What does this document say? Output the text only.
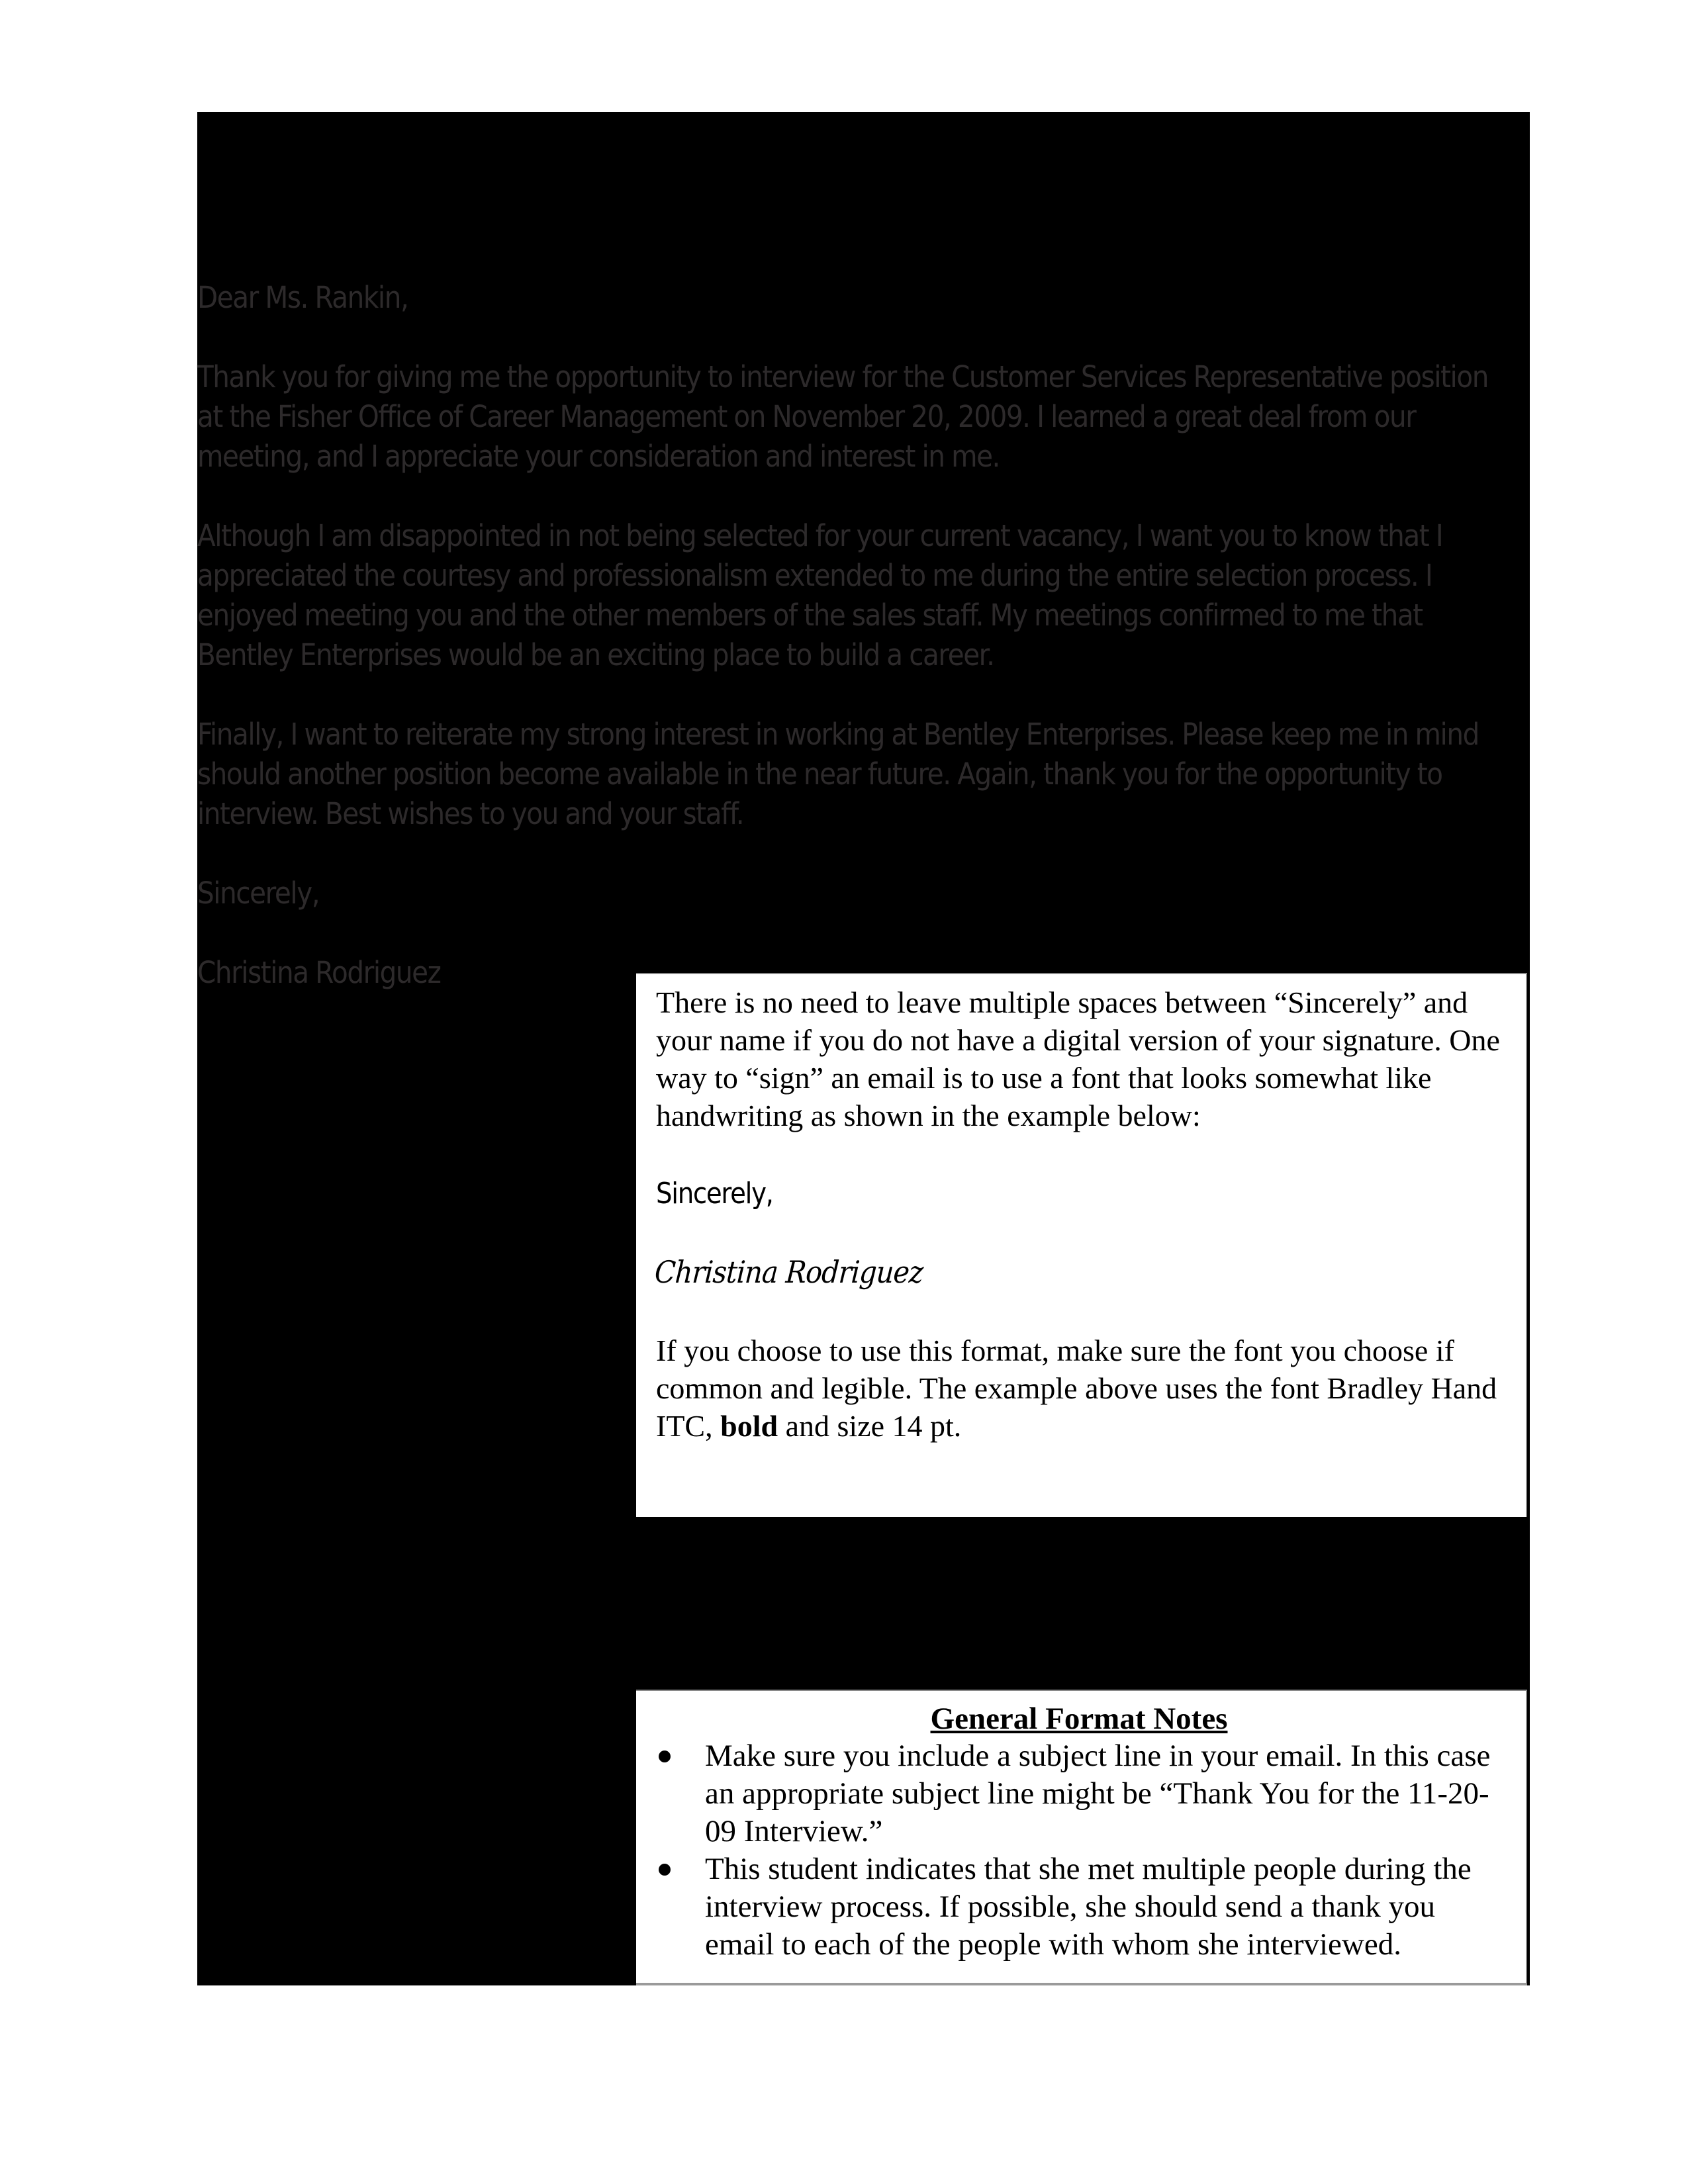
Dear Ms. Rankin,

Thank you for giving me the opportunity to interview for the Customer Services Representative position at the Fisher Office of Career Management on November 20, 2009. I learned a great deal from our meeting, and I appreciate your consideration and interest in me.

Although I am disappointed in not being selected for your current vacancy, I want you to know that I appreciated the courtesy and professionalism extended to me during the entire selection process. I enjoyed meeting you and the other members of the sales staff. My meetings confirmed to me that Bentley Enterprises would be an exciting place to build a career.

Finally, I want to reiterate my strong interest in working at Bentley Enterprises. Please keep me in mind should another position become available in the near future. Again, thank you for the opportunity to interview. Best wishes to you and your staff.

Sincerely,

Christina Rodriguez

There is no need to leave multiple spaces between “Sincerely” and your name if you do not have a digital version of your signature. One way to “sign” an email is to use a font that looks somewhat like handwriting as shown in the example below:

Sincerely,

Christina Rodriguez

If you choose to use this format, make sure the font you choose if common and legible. The example above uses the font Bradley Hand ITC, bold and size 14 pt.

General Format Notes

Make sure you include a subject line in your email. In this case an appropriate subject line might be “Thank You for the 11-20-09 Interview.”
This student indicates that she met multiple people during the interview process. If possible, she should send a thank you email to each of the people with whom she interviewed.
